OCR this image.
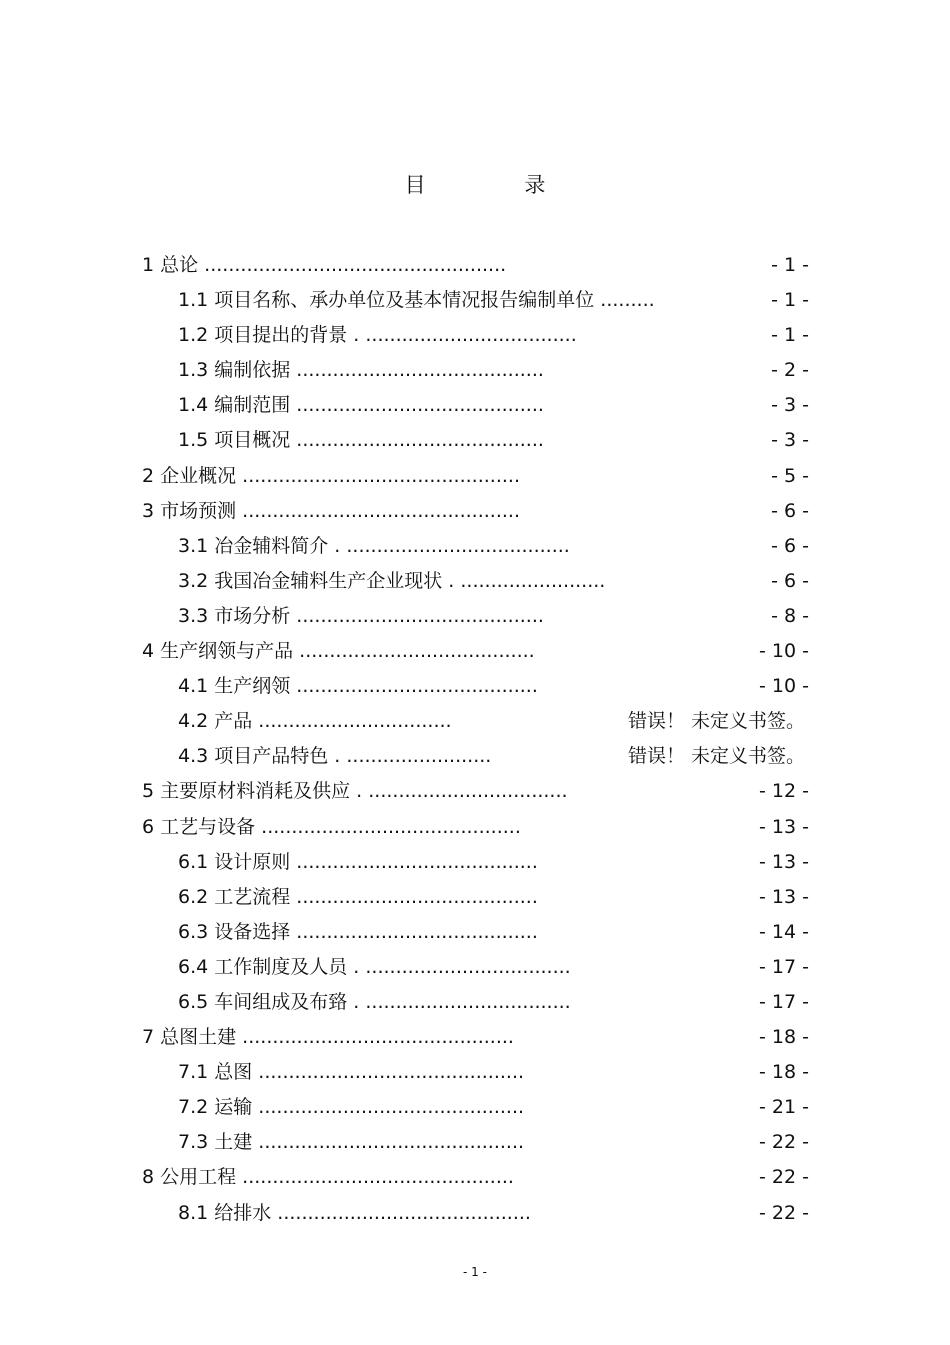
目 录
1 总论 ..................................................	- 1 -
1.1 项目名称、承办单位及基本情况报告编制单位 .........	- 1 -
1.2 项目提出的背景 . ...................................	- 1 -
1.3 编制依据 .........................................	- 2 -
1.4 编制范围 .........................................	- 3 -
1.5 项目概况 .........................................	- 3 -
2 企业概况 ..............................................	- 5 -
3 市场预测 ..............................................	- 6 -
3.1 冶金辅料简介 . .....................................	- 6 -
3.2 我国冶金辅料生产企业现状 . ........................	- 6 -
3.3 市场分析 .........................................	- 8 -
4 生产纲领与产品 .......................................	- 10 -
4.1 生产纲领 ........................................	- 10 -
4.2 产品 ................................	错误！ 未定义书签。
4.3 项目产品特色 . ........................	错误！ 未定义书签。
5 主要原材料消耗及供应 . .................................	- 12 -
6 工艺与设备 ...........................................	- 13 -
6.1 设计原则 ........................................	- 13 -
6.2 工艺流程 ........................................	- 13 -
6.3 设备选择 ........................................	- 14 -
6.4 工作制度及人员 . ..................................	- 17 -
6.5 车间组成及布臵 . ..................................	- 17 -
7 总图土建 .............................................	- 18 -
7.1 总图 ............................................	- 18 -
7.2 运输 ............................................	- 21 -
7.3 土建 ............................................	- 22 -
8 公用工程 .............................................	- 22 -
8.1 给排水 ..........................................	- 22 -
- 1 -
